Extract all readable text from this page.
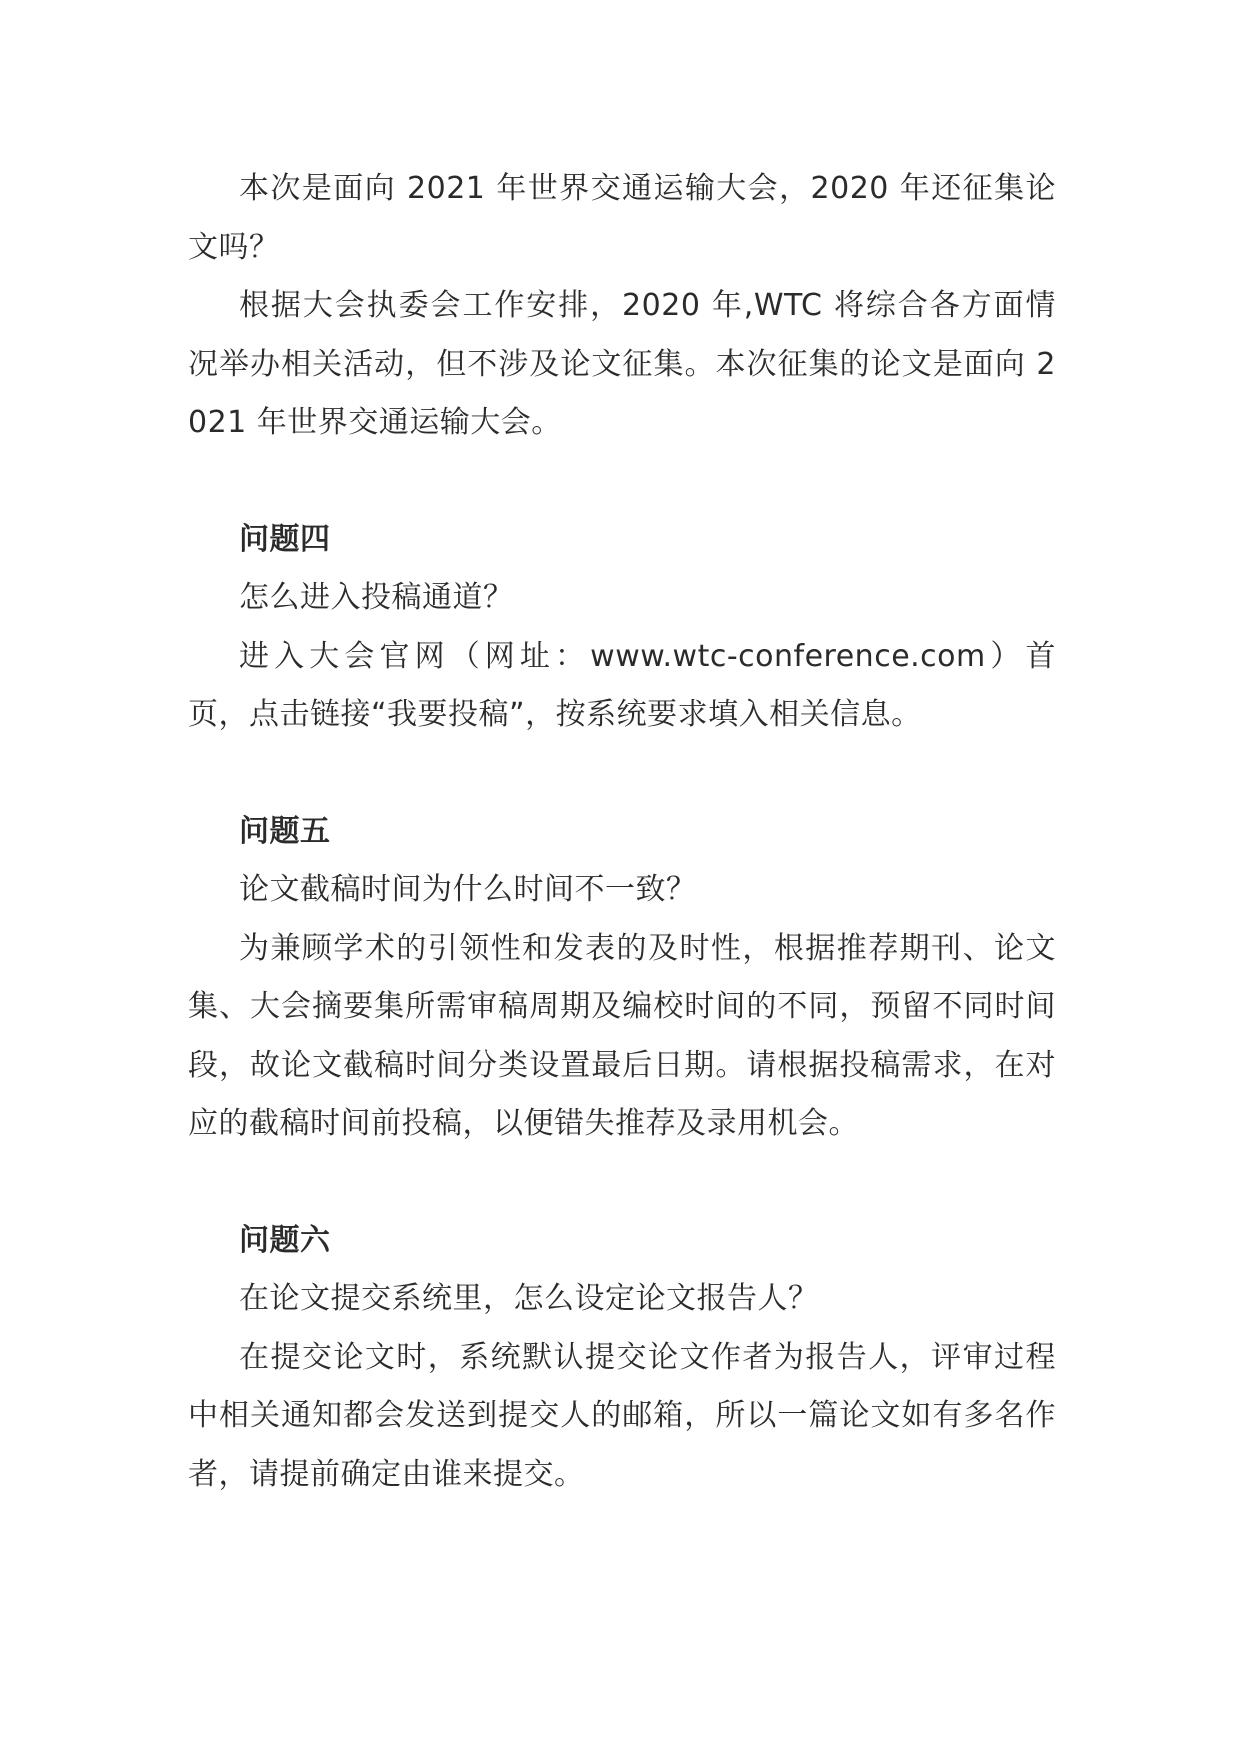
本次是面向 2021 年世界交通运输大会，2020 年还征集论文吗？

根据大会执委会工作安排，2020 年,WTC 将综合各方面情况举办相关活动，但不涉及论文征集。本次征集的论文是面向 2021 年世界交通运输大会。

问题四

怎么进入投稿通道？

进入大会官网（网址：www.wtc-conference.com）首页，点击链接“我要投稿”，按系统要求填入相关信息。

问题五

论文截稿时间为什么时间不一致？

为兼顾学术的引领性和发表的及时性，根据推荐期刊、论文集、大会摘要集所需审稿周期及编校时间的不同，预留不同时间段，故论文截稿时间分类设置最后日期。请根据投稿需求，在对应的截稿时间前投稿，以便错失推荐及录用机会。

问题六

在论文提交系统里，怎么设定论文报告人？

在提交论文时，系统默认提交论文作者为报告人，评审过程中相关通知都会发送到提交人的邮箱，所以一篇论文如有多名作者，请提前确定由谁来提交。
